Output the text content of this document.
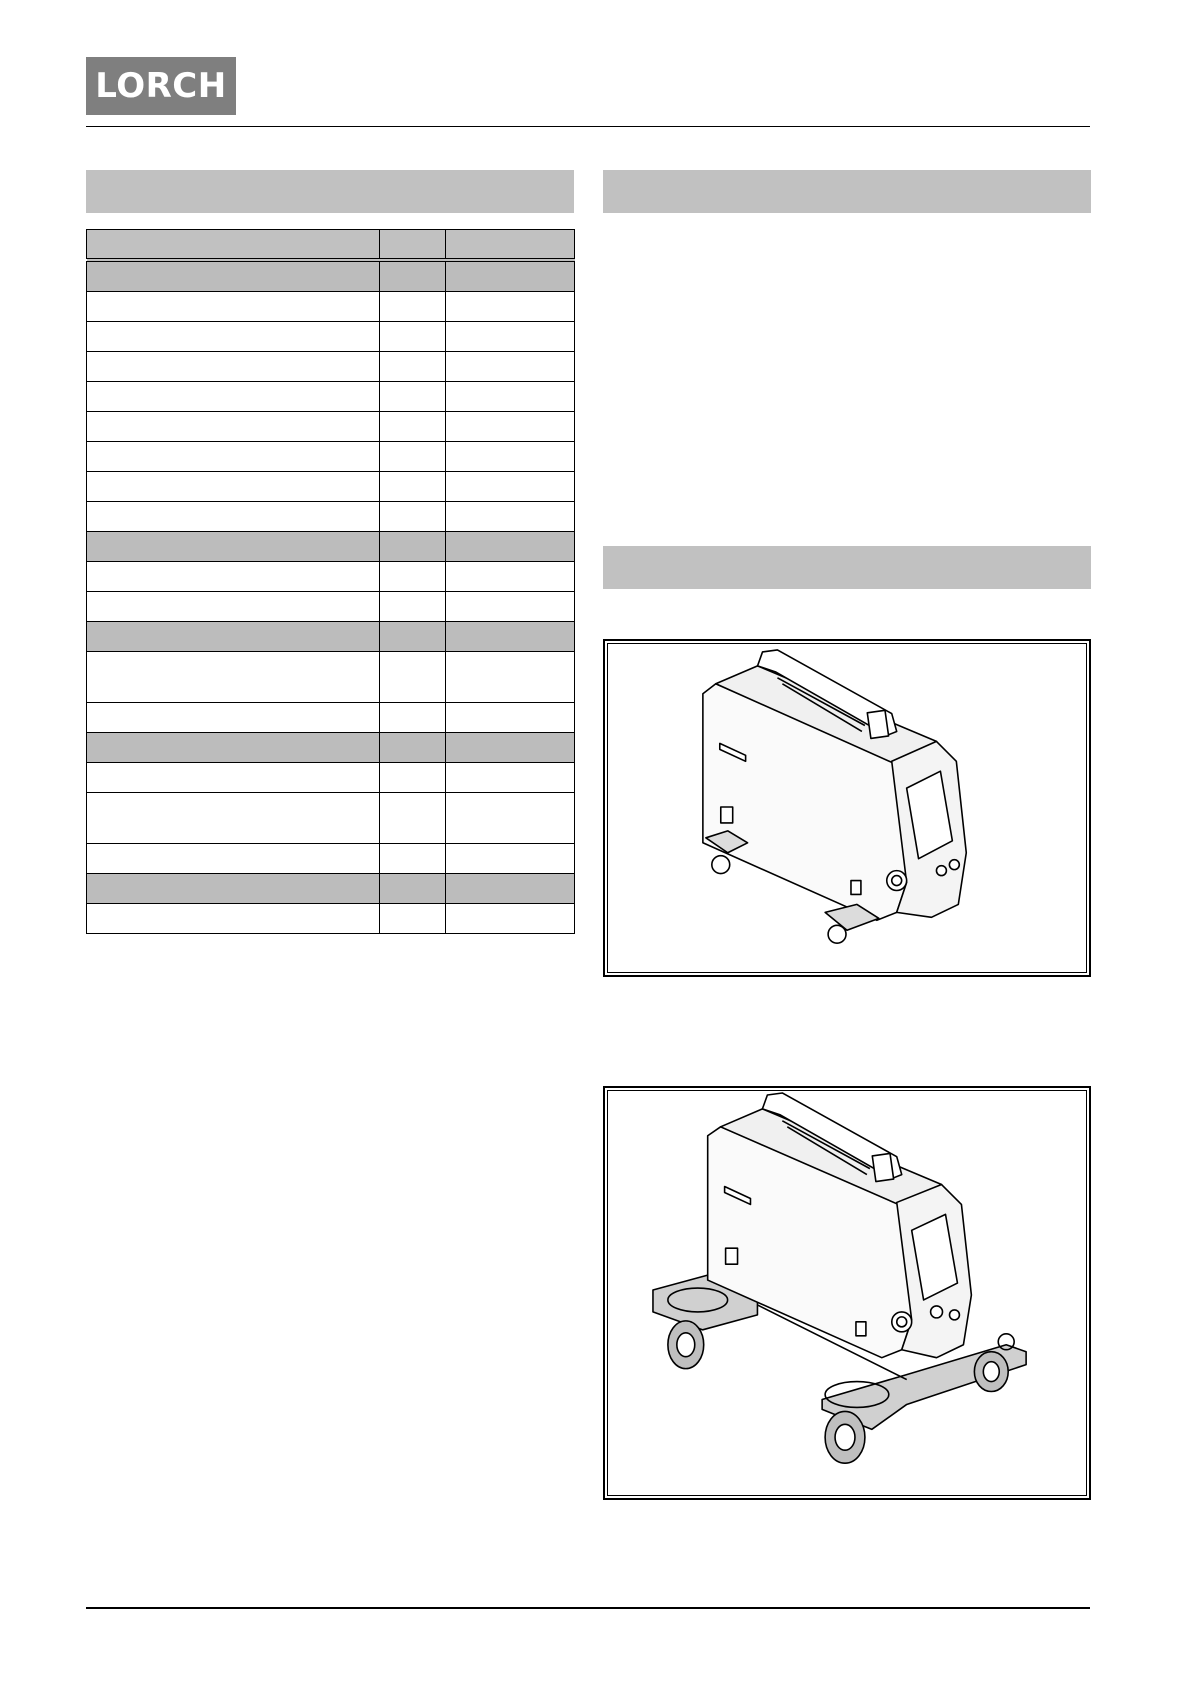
LORCH
